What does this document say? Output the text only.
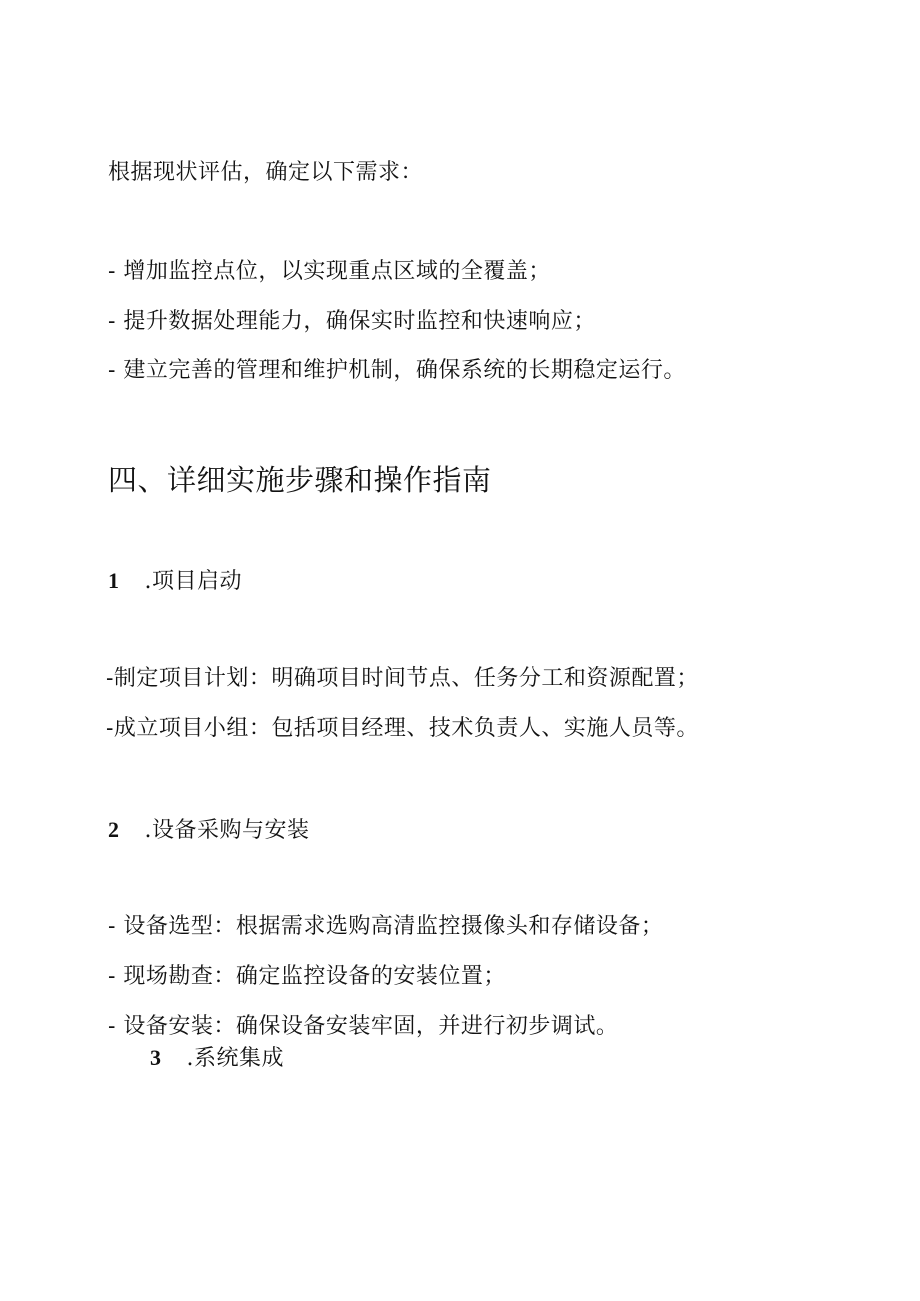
根据现状评估，确定以下需求：
- 增加监控点位，以实现重点区域的全覆盖；
- 提升数据处理能力，确保实时监控和快速响应；
- 建立完善的管理和维护机制，确保系统的长期稳定运行。
四、详细实施步骤和操作指南
1 .项目启动
-制定项目计划：明确项目时间节点、任务分工和资源配置；
-成立项目小组：包括项目经理、技术负责人、实施人员等。
2 .设备采购与安装
- 设备选型：根据需求选购高清监控摄像头和存储设备；
- 现场勘查：确定监控设备的安装位置；
- 设备安装：确保设备安装牢固，并进行初步调试。
3 .系统集成
